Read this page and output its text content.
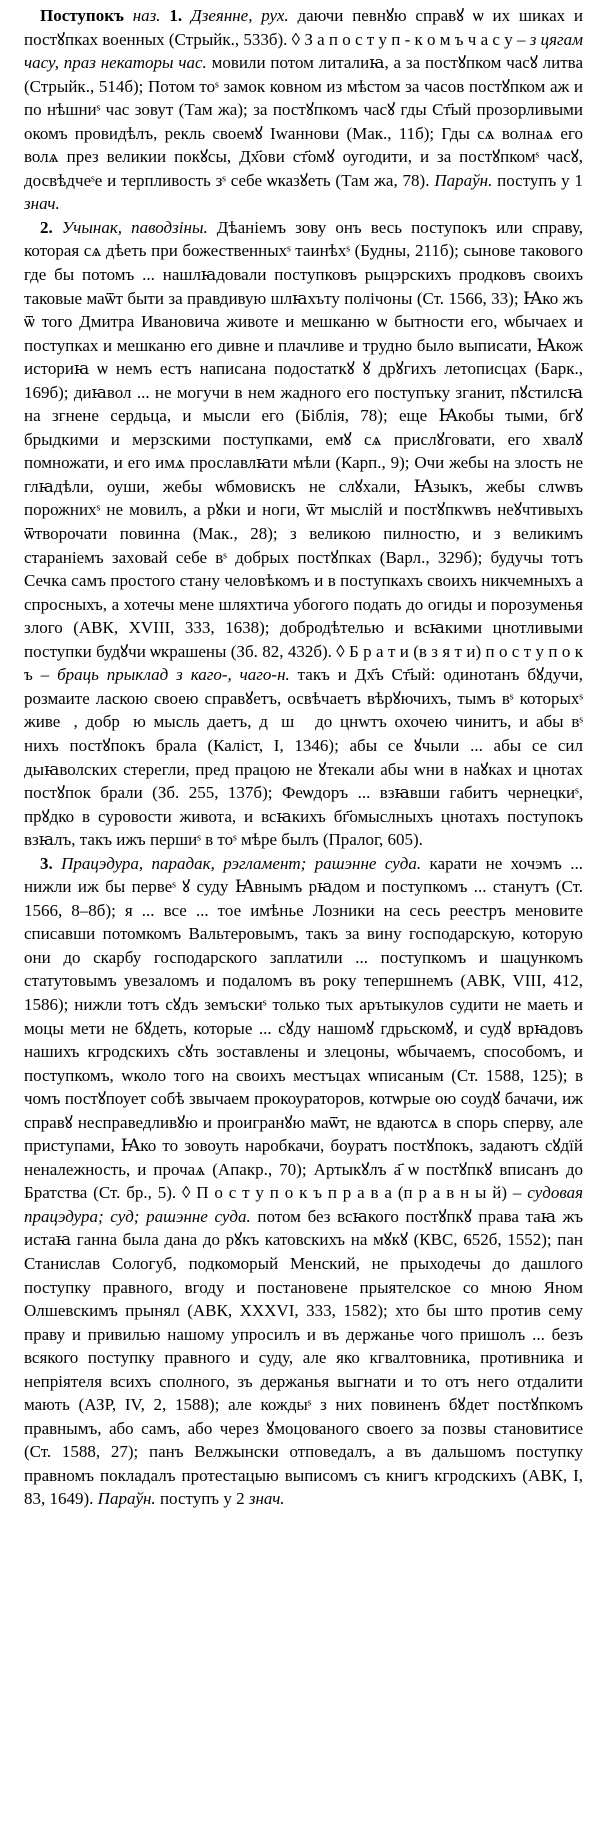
Поступокъ наз. 1. Дзеянне, рух. даючи певнꙋю справꙋ ѡ их шиках и постꙋпках военных (Стрыйк., 533б). ◊ З а п о с т у п - к о м ъ ч а с у – з цягам часу, праз некаторы час. мовили потом литалиꙗ, а за постꙋпком часꙋ литва (Стрыйк., 514б); Потом тоˢ замок ковном из мѣстом за часов постꙋпком аж и по нѣшниˢ час зовут (Там жа); за постꙋпкомъ часꙋ гды Ст҃ый прозорливыми окомъ провидѣлъ, рекль своемꙋ Іwаннови (Мак., 11б); Гды сѧ волнаѧ его волѧ през великии покꙋсы, Дх҃ови ст҃омꙋ оугодити, и за постꙋпкомˢ часꙋ, досвѣдчеˢе и терпливость зˢ себе ѡказꙋеть (Там жа, 78). Параўн. поступъ у 1 знач.

2. Учынак, паводзіны. Дѣаніемъ зову онъ весь поступокъ или справу, которая сѧ дѣеть при божественныхˢ таинѣхˢ (Будны, 211б); сынове таковогo где бы потомъ ... нашлꙗдовали поступковъ рыцэрскихъ продковъ своихъ таковые маѿт быти за правдивую шлꙗхъту полічоны (Ст. 1566, 33); Ꙗко жъ ѿ того Дмитра Ивановича животе и мешканю ѡ бытности его, ѡбычаех и поступках и мешканю его дивне и плачливе и трудно было выписати, Ꙗкож историꙗ ѡ немъ естъ написана подостаткꙋ ꙋ дрꙋгихъ летописцах (Барк., 169б); диꙗвол ... не могучи в нем жадного его поступъку зганит, пꙋстилсꙗ на згнене сердьца, и мысли его (Біблія, 78); еще Ꙗкобы тыми, бгꙋ брыдкими и мерзскими поступками, емꙋ сѧ прислꙋговати, его хвалꙋ помножати, и его имѧ прославлꙗти мѣли (Карп., 9); Очи жебы на злость не глꙗдѣли, оуши, жебы ѡбмовискъ не слꙋхали, Ꙗзыкъ, жебы слwвъ порожнихˢ не мовилъ, а рꙋки и ноги, ѿт мыслій и постꙋпкwвъ неꙋчтивыхъ ѿтворочати повинна (Мак., 28); з великою пилностю, и з великимъ стараніемъ захoвай себе вˢ добрых постꙋпках (Варл., 329б); будучы тотъ Сечка самъ простого стану человѣкомъ и в поступкахъ своихъ никчемныхъ а спросныхъ, а хотечы мене шляхтича убогого подать до огиды и порозуменья злого (АВК, XVIII, 333, 1638); добродѣтелью и всꙗкими цнотливыми поступки будꙋчи ѡкрашены (Зб. 82, 432б). ◊ Б р а т и (в з я т и) п о с т у п о к ъ – браць прыклад з каго-, чаго-н. такъ и Дх҃ъ Ст҃ый: одинотанъ бꙋдучи, розмаите ласкою своею справꙋетъ, освѣчаетъ вѣрꙋючихъ, тымъ вˢ которыхˢ живеⷮ, добрꙋю мысль даетъ, дꙋшꙋ до цнwтъ охочею чинитъ, и абы вˢ нихъ постꙋпокъ брала (Каліст, I, 1346); абы се ꙋчыли ... абы се сил дыꙗволских стерегли, пред працою не ꙋтекали абы wни в наꙋках и цнотах постꙋпок брали (Зб. 255, 137б); Феѡдоръ ... взꙗвши габитъ чернецкиˢ, прꙋдко в суровости живота, и всꙗкихъ бг҃омыслныхъ цнотахъ поступокъ взꙗлъ, такъ ижъ першиˢ в тоˢ мѣре былъ (Пралог, 605).

3. Працэдура, парадак, рэгламент; рашэнне суда. карати не хочэмъ ... нижли иж бы первеˢ ꙋ суду Ꙗвнымъ рꙗдом и поступкомъ ... станутъ (Ст. 1566, 8–8б); я ... все ... тое имѣнье Лозники на сесь реестръ меновите списавши потомкомъ Вальтеровымъ, такъ за вину господарскую, которую они до скарбу господарского заплатили ... поступкомъ и шацункомъ статутовымъ увезаломъ и подаломъ въ року тепершнемъ (АВК, VIII, 412, 1586); нижли тотъ сꙋдъ земъскиˢ только тых арътыкулов судити не маеть и моцы мети не бꙋдеть, которые ... сꙋду нашомꙋ гдрьскомꙋ, и судꙋ врꙗдовъ нашихъ кгродскихъ сꙋть зоставлены и злецоны, ѡбычаемъ, способомъ, и поступкомъ, wколо того на своихъ местъцах ѡписаным (Ст. 1588, 125); в чомъ постꙋпоует собѣ звычаем прокоураторов, котѡрые ою соудꙋ бачачи, иж справꙋ несправедливꙋю и проигранꙋю маѿт, не вдаютсѧ в спорь сперву, але приступами, Ꙗко то зовоуть наробкачи, боуратъ постꙋпокъ, задаютъ сꙋдїй неналежность, и прочаѧ (Апакр., 70); Артыкꙋлъ а҃ ѡ постꙋпкꙋ вписанъ до Братства (Ст. бр., 5). ◊ П о с т у п о к ъ п р а в а (п р а в н ы й) – судовая працэдура; суд; рашэнне суда. потом без всꙗкого постꙋпкꙋ права таꙗ жъ истаꙗ ганна была дана до рꙋкъ катовскихъ на мꙋкꙋ (КВС, 652б, 1552); пан Станислав Сологуб, подкоморый Менский, не прыходечы до дашлого поступку правного, вгоду и постановене прыятелское со мною Яном Олшевскимъ прынял (АВК, XXXVI, 333, 1582); хто бы што против сему праву и привилью нашому упросилъ и въ держанье чого пришолъ ... безъ всякого поступку правного и суду, але яко кгвалтовника, противника и непрiятеля всихъ сполного, зъ держанья выгнати и то отъ него отдалити мають (АЗР, IV, 2, 1588); але кождыˢ з них повиненъ бꙋдет постꙋпкомъ правнымъ, або самъ, або через ꙋмоцованого своего за позвы становитисе (Ст. 1588, 27); панъ Велжынски отповедалъ, а въ дальшомъ поступку правномъ покладалъ протестацыю выписомъ съ книгъ кгродскихъ (АВК, I, 83, 1649). Параўн. поступъ у 2 знач.
